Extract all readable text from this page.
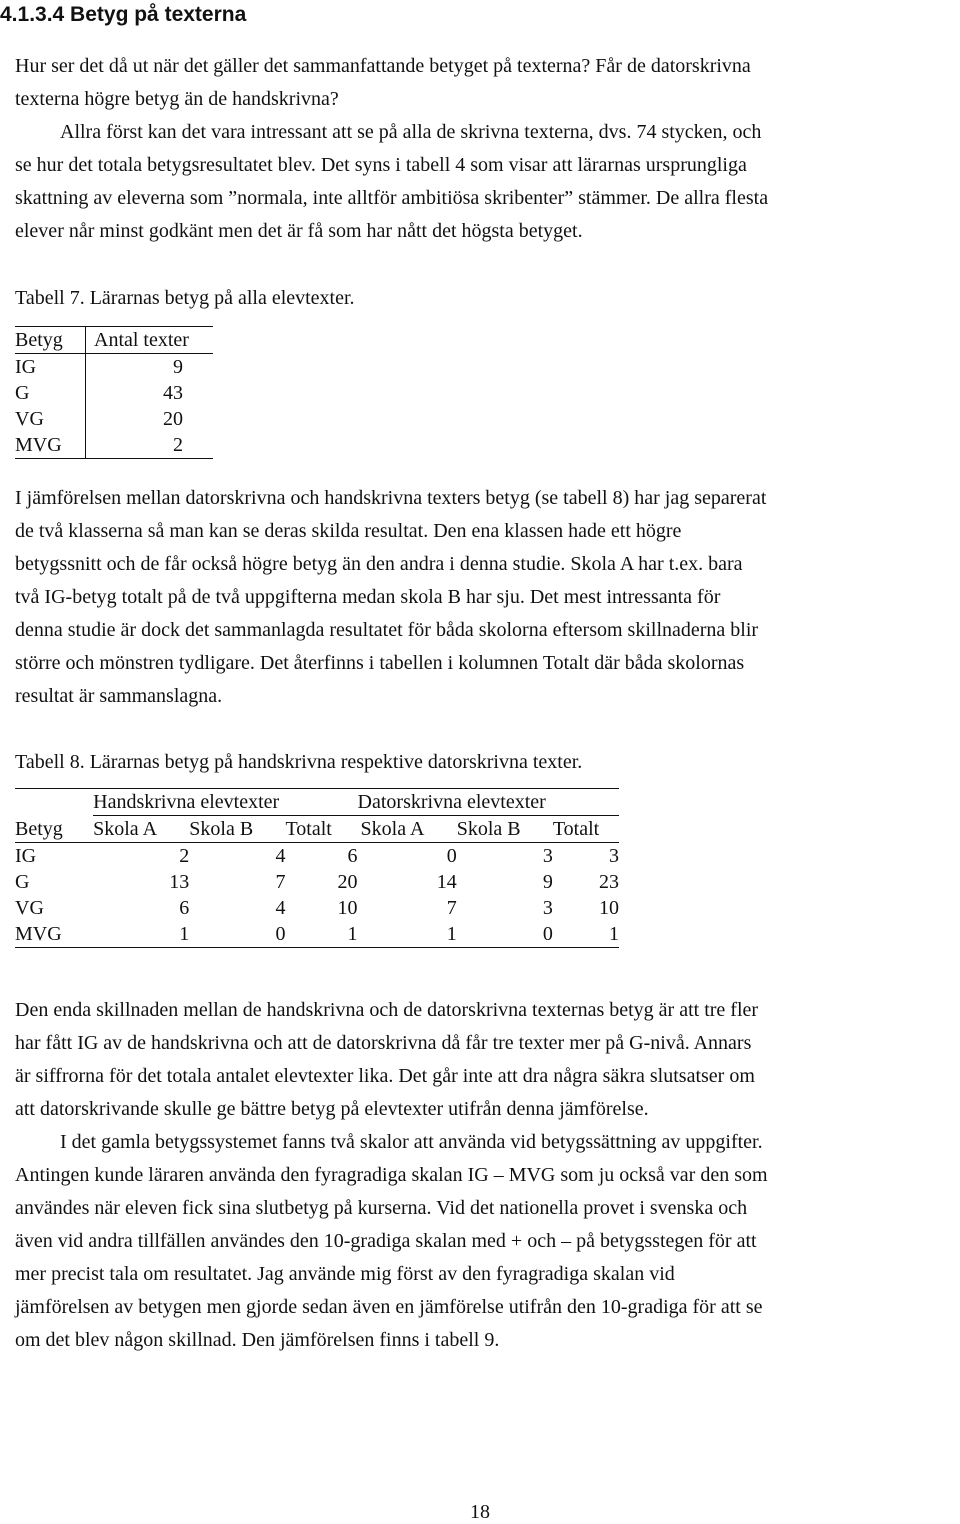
4.1.3.4 Betyg på texterna
Hur ser det då ut när det gäller det sammanfattande betyget på texterna? Får de datorskrivna
texterna högre betyg än de handskrivna?
Allra först kan det vara intressant att se på alla de skrivna texterna, dvs. 74 stycken, och
se hur det totala betygsresultatet blev. Det syns i tabell 4 som visar att lärarnas ursprungliga
skattning av eleverna som ”normala, inte alltför ambitiösa skribenter” stämmer. De allra flesta
elever når minst godkänt men det är få som har nått det högsta betyget.
Tabell 7. Lärarnas betyg på alla elevtexter.
Betyg	Antal texter
IG	9
G	43
VG	20
MVG	2
I jämförelsen mellan datorskrivna och handskrivna texters betyg (se tabell 8) har jag separerat
de två klasserna så man kan se deras skilda resultat. Den ena klassen hade ett högre
betygssnitt och de får också högre betyg än den andra i denna studie. Skola A har t.ex. bara
två IG-betyg totalt på de två uppgifterna medan skola B har sju. Det mest intressanta för
denna studie är dock det sammanlagda resultatet för båda skolorna eftersom skillnaderna blir
större och mönstren tydligare. Det återfinns i tabellen i kolumnen Totalt där båda skolornas
resultat är sammanslagna.
Tabell 8. Lärarnas betyg på handskrivna respektive datorskrivna texter.
	Handskrivna elevtexter			Datorskrivna elevtexter		
Betyg	Skola A	Skola B	Totalt	Skola A	Skola B	Totalt
IG	2	4	6	0	3	3
G	13	7	20	14	9	23
VG	6	4	10	7	3	10
MVG	1	0	1	1	0	1
Den enda skillnaden mellan de handskrivna och de datorskrivna texternas betyg är att tre fler
har fått IG av de handskrivna och att de datorskrivna då får tre texter mer på G-nivå. Annars
är siffrorna för det totala antalet elevtexter lika. Det går inte att dra några säkra slutsatser om
att datorskrivande skulle ge bättre betyg på elevtexter utifrån denna jämförelse.
I det gamla betygssystemet fanns två skalor att använda vid betygssättning av uppgifter.
Antingen kunde läraren använda den fyragradiga skalan IG – MVG som ju också var den som
användes när eleven fick sina slutbetyg på kurserna. Vid det nationella provet i svenska och
även vid andra tillfällen användes den 10-gradiga skalan med + och – på betygsstegen för att
mer precist tala om resultatet. Jag använde mig först av den fyragradiga skalan vid
jämförelsen av betygen men gjorde sedan även en jämförelse utifrån den 10-gradiga för att se
om det blev någon skillnad. Den jämförelsen finns i tabell 9.
18
